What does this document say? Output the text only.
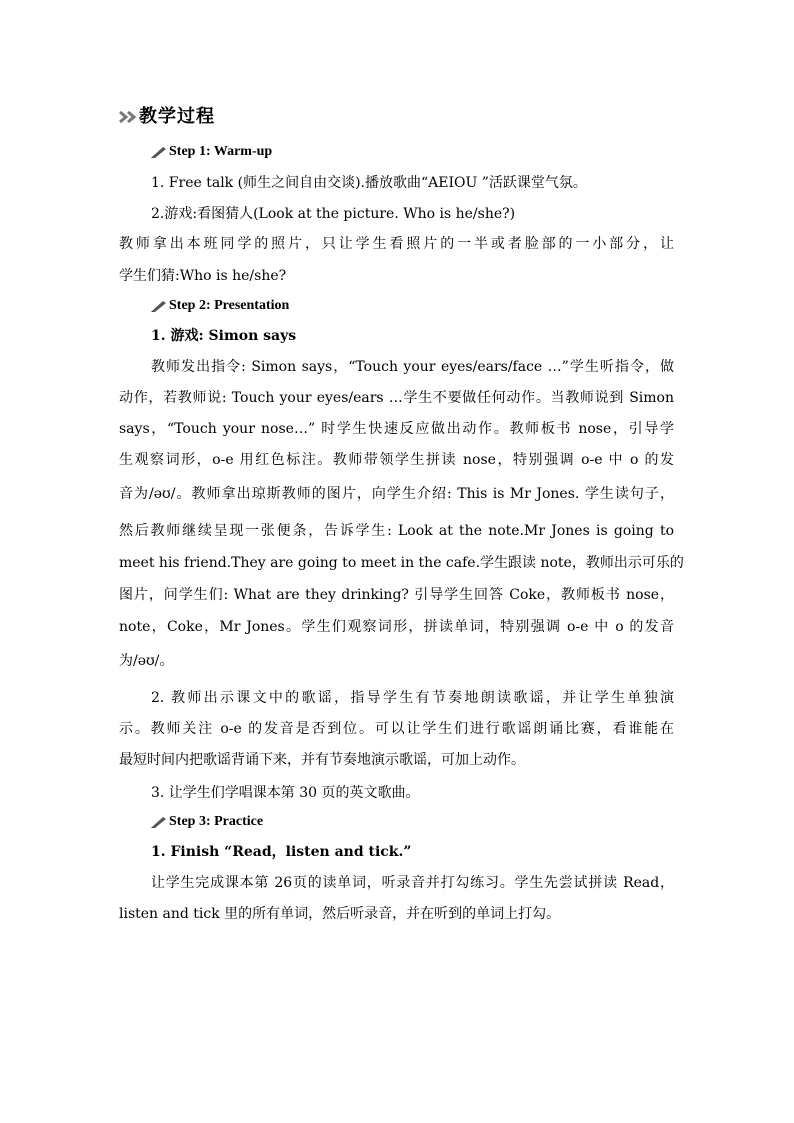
教学过程
Step 1: Warm-up
1. Free talk (师生之间自由交谈).播放歌曲“AEIOU ”活跃课堂气氛。
2.游戏:看图猜人(Look at the picture. Who is he/she?)
教师拿出本班同学的照片，只让学生看照片的一半或者脸部的一小部分，让
学生们猜:Who is he/she?
Step 2: Presentation
1. 游戏: Simon says
教师发出指令: Simon says，“Touch your eyes/ears/face …”学生听指令，做
动作，若教师说: Touch your eyes/ears …学生不要做任何动作。当教师说到 Simon
says，“Touch your nose…” 时学生快速反应做出动作。教师板书 nose，引导学
生观察词形，o-e 用红色标注。教师带领学生拼读 nose，特别强调 o-e 中 o 的发
音为/əʊ/。教师拿出琼斯教师的图片，向学生介绍: This is Mr Jones. 学生读句子，
然后教师继续呈现一张便条，告诉学生: Look at the note.Mr Jones is going to
meet his friend.They are going to meet in the cafe.学生跟读 note，教师出示可乐的
图片，问学生们: What are they drinking? 引导学生回答 Coke，教师板书 nose，
note，Coke，Mr Jones。学生们观察词形，拼读单词，特别强调 o-e 中 o 的发音
为/əʊ/。
2. 教师出示课文中的歌谣，指导学生有节奏地朗读歌谣，并让学生单独演
示。教师关注 o-e 的发音是否到位。可以让学生们进行歌谣朗诵比赛，看谁能在
最短时间内把歌谣背诵下来，并有节奏地演示歌谣，可加上动作。
3. 让学生们学唱课本第 30 页的英文歌曲。
Step 3: Practice
1. Finish “Read，listen and tick.”
让学生完成课本第 26页的读单词，听录音并打勾练习。学生先尝试拼读 Read，
listen and tick 里的所有单词，然后听录音，并在听到的单词上打勾。
